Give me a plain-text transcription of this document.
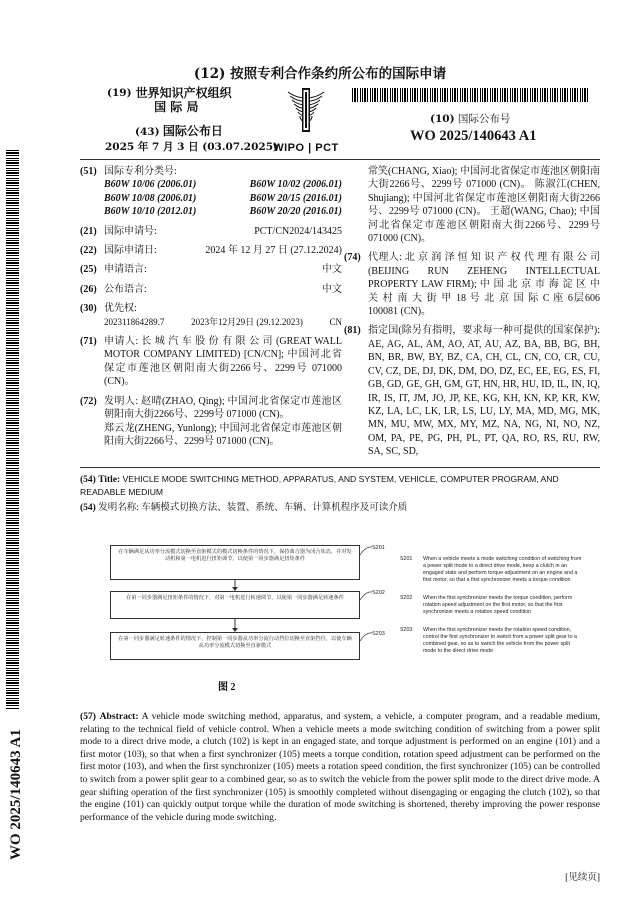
(12) 按照专利合作条约所公布的国际申请
(19) 世界知识产权组织
国 际 局
(43) 国际公布日
2025 年 7 月 3 日 (03.07.2025)
WIPO | PCT
(10) 国际公布号
WO 2025/140643 A1
WO 2025/140643 A1
(51) 国际专利分类号:
B60W 10/06 (2006.01)	B60W 10/02 (2006.01)
B60W 10/08 (2006.01)	B60W 20/15 (2016.01)
B60W 10/10 (2012.01)	B60W 20/20 (2016.01)
(21) 国际申请号:	PCT/CN2024/143425
(22) 国际申请日:	2024 年 12 月 27 日 (27.12.2024)
(25) 申请语言:	中文
(26) 公布语言:	中文
(30) 优先权:
202311864289.7	2023年12月29日 (29.12.2023)	CN
(71) 申请人: 长 城 汽 车 股 份 有 限 公 司 (GREAT WALL MOTOR COMPANY LIMITED) [CN/CN]; 中国河北省保定市莲池区朝阳南大街2266号、2299号 071000 (CN)。
(72) 发明人: 赵晴(ZHAO, Qing); 中国河北省保定市莲池区朝阳南大街2266号、2299号 071000 (CN)。
郑云龙(ZHENG, Yunlong); 中国河北省保定市莲池区朝阳南大街2266号、2299号 071000 (CN)。
常笑(CHANG, Xiao); 中国河北省保定市莲池区朝阳南大街2266号、2299号 071000 (CN)。 陈淑江(CHEN, Shujiang); 中国河北省保定市莲池区朝阳南大街2266号、2299号 071000 (CN)。 王超(WANG, Chao); 中国河北省保定市莲池区朝阳南大街2266号、2299号 071000 (CN)。
(74) 代理人: 北 京 润 泽 恒 知 识 产 权 代 理 有 限 公 司 (BEIJING RUN ZEHENG INTELLECTUAL PROPERTY LAW FIRM); 中 国 北 京 市 海 淀 区 中 关 村 南 大 街 甲 18 号 北 京 国 际 C 座 6层606 100081 (CN)。
(81) 指定国(除另有指明，要求每一种可提供的国家保护): AE, AG, AL, AM, AO, AT, AU, AZ, BA, BB, BG, BH, BN, BR, BW, BY, BZ, CA, CH, CL, CN, CO, CR, CU, CV, CZ, DE, DJ, DK, DM, DO, DZ, EC, EE, EG, ES, FI, GB, GD, GE, GH, GM, GT, HN, HR, HU, ID, IL, IN, IQ, IR, IS, IT, JM, JO, JP, KE, KG, KH, KN, KP, KR, KW, KZ, LA, LC, LK, LR, LS, LU, LY, MA, MD, MG, MK, MN, MU, MW, MX, MY, MZ, NA, NG, NI, NO, NZ, OM, PA, PE, PG, PH, PL, PT, QA, RO, RS, RU, RW, SA, SC, SD,
(54) Title: VEHICLE MODE SWITCHING METHOD, APPARATUS, AND SYSTEM, VEHICLE, COMPUTER PROGRAM, AND READABLE MEDIUM
(54) 发明名称: 车辆模式切换方法、装置、系统、车辆、计算机程序及可读介质
在车辆满足从功率分流模式切换至直驱模式的模式切换条件的情况下，保持离合器为闭合状态，并对发动机和第一电机进行扭矩调节，以使第一同步器满足扭矩条件
在第一同步器满足扭矩条件的情况下，对第一电机进行转速调节，以使第一同步器满足转速条件
在第一同步器满足转速条件的情况下，控制第一同步器从功率分流行动挡位切换至直驱挡位，以使车辆从功率分流模式切换至直驱模式
S201
S202
S203
S201 When a vehicle meets a mode switching condition of switching from a power split mode to a direct drive mode, keep a clutch in an engaged state and perform torque adjustment on an engine and a first motor, so that a first synchronizer meets a torque condition
S202 When the first synchronizer meets the torque condition, perform rotation speed adjustment on the first motor, so that the first synchronizer meets a rotation speed condition
S203 When the first synchronizer meets the rotation speed condition, control the first synchronizer to switch from a power split gear to a combined gear, so as to switch the vehicle from the power split mode to the direct drive mode
图 2
(57) Abstract: A vehicle mode switching method, apparatus, and system, a vehicle, a computer program, and a readable medium, relating to the technical field of vehicle control. When a vehicle meets a mode switching condition of switching from a power split mode to a direct drive mode, a clutch (102) is kept in an engaged state, and torque adjustment is performed on an engine (101) and a first motor (103), so that when a first synchronizer (105) meets a torque condition, rotation speed adjustment can be performed on the first motor (103), and when the first synchronizer (105) meets a rotation speed condition, the first synchronizer (105) can be controlled to switch from a power split gear to a combined gear, so as to switch the vehicle from the power split mode to the direct drive mode. A gear shifting operation of the first synchronizer (105) is smoothly completed without disengaging or engaging the clutch (102), so that the engine (101) can quickly output torque while the duration of mode switching is shortened, thereby improving the power response performance of the vehicle during mode switching.
[见续页]
